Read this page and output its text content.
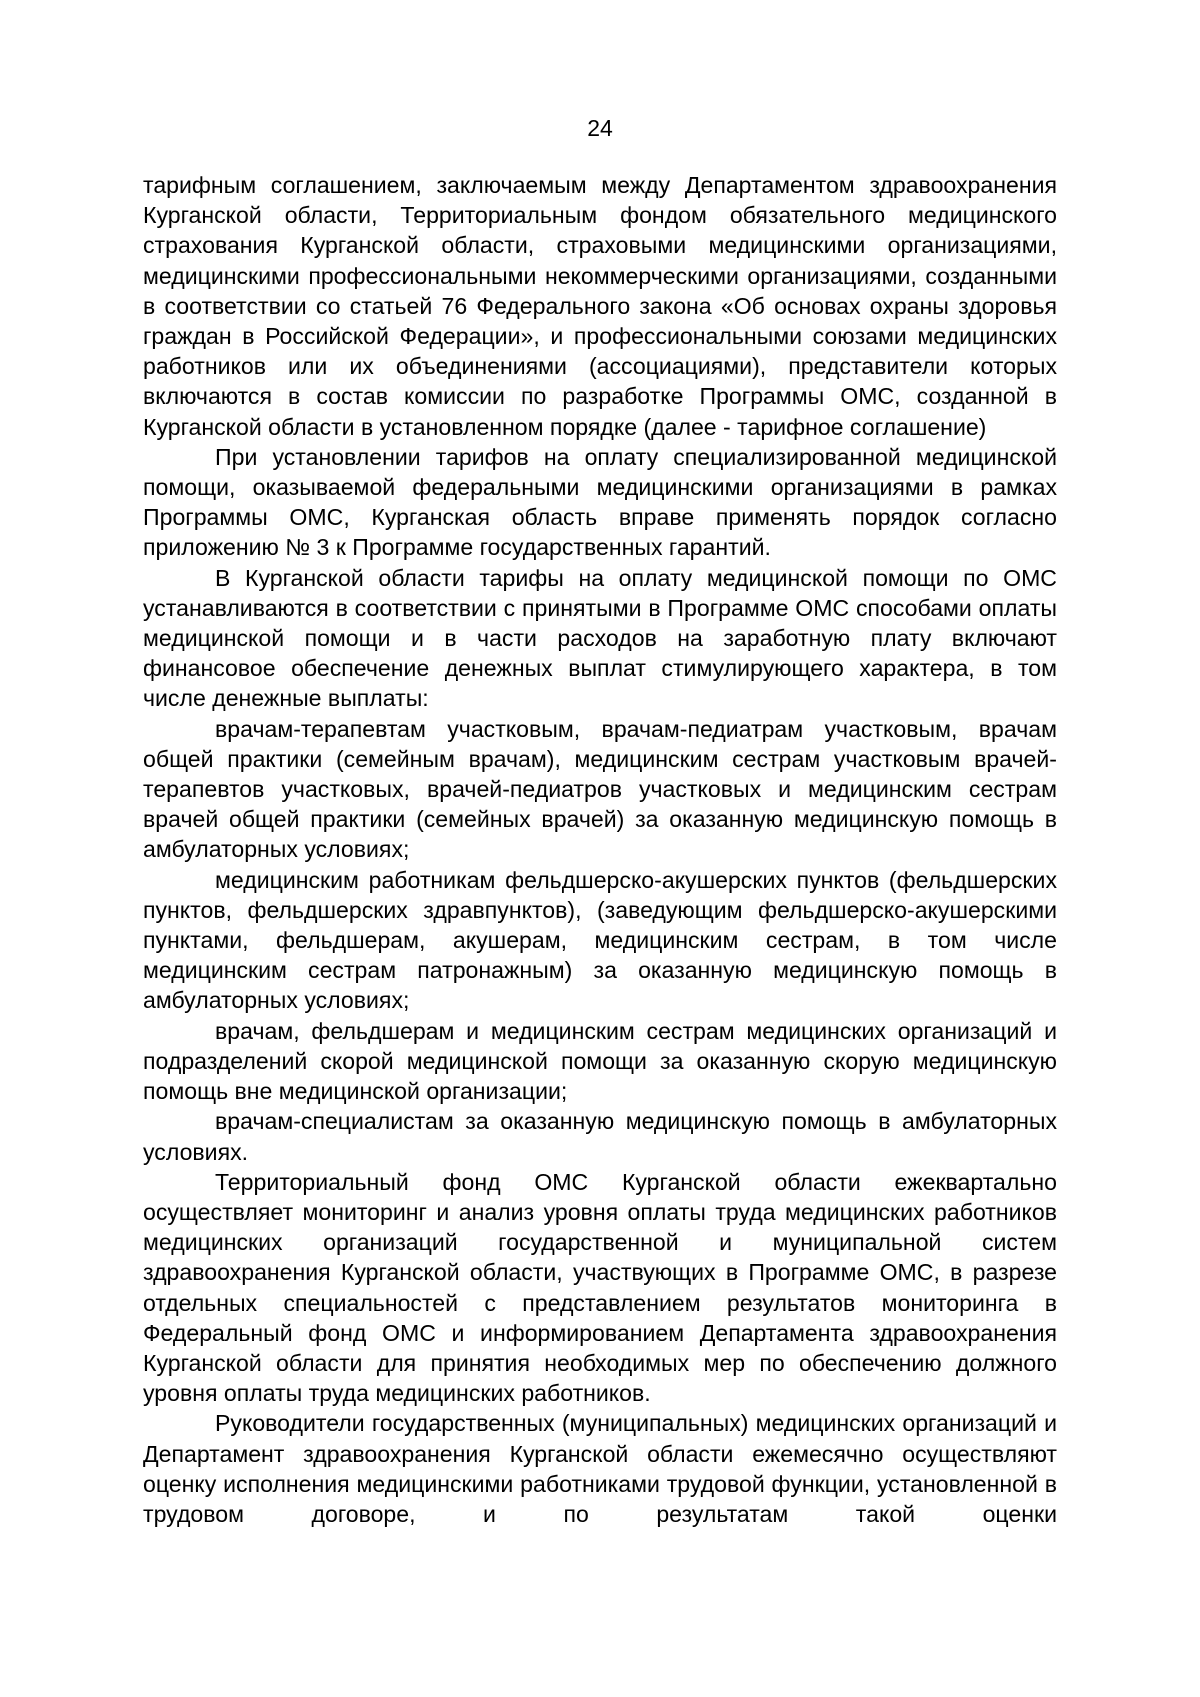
24

тарифным соглашением, заключаемым между Департаментом здравоохранения Курганской области, Территориальным фондом обязательного медицинского страхования Курганской области, страховыми медицинскими организациями, медицинскими профессиональными некоммерческими организациями, созданными в соответствии со статьей 76 Федерального закона «Об основах охраны здоровья граждан в Российской Федерации», и профессиональными союзами медицинских работников или их объединениями (ассоциациями), представители которых включаются в состав комиссии по разработке Программы ОМС, созданной в Курганской области в установленном порядке (далее - тарифное соглашение)

При установлении тарифов на оплату специализированной медицинской помощи, оказываемой федеральными медицинскими организациями в рамках Программы ОМС, Курганская область вправе применять порядок согласно приложению № 3 к Программе государственных гарантий.

В Курганской области тарифы на оплату медицинской помощи по ОМС устанавливаются в соответствии с принятыми в Программе ОМС способами оплаты медицинской помощи и в части расходов на заработную плату включают финансовое обеспечение денежных выплат стимулирующего характера, в том числе денежные выплаты:

врачам-терапевтам участковым, врачам-педиатрам участковым, врачам общей практики (семейным врачам), медицинским сестрам участковым врачей-терапевтов участковых, врачей-педиатров участковых и медицинским сестрам врачей общей практики (семейных врачей) за оказанную медицинскую помощь в амбулаторных условиях;

медицинским работникам фельдшерско-акушерских пунктов (фельдшерских пунктов, фельдшерских здравпунктов), (заведующим фельдшерско-акушерскими пунктами, фельдшерам, акушерам, медицинским сестрам, в том числе медицинским сестрам патронажным) за оказанную медицинскую помощь в амбулаторных условиях;

врачам, фельдшерам и медицинским сестрам медицинских организаций и подразделений скорой медицинской помощи за оказанную скорую медицинскую помощь вне медицинской организации;

врачам-специалистам за оказанную медицинскую помощь в амбулаторных условиях.

Территориальный фонд ОМС Курганской области ежеквартально осуществляет мониторинг и анализ уровня оплаты труда медицинских работников медицинских организаций государственной и муниципальной систем здравоохранения Курганской области, участвующих в Программе ОМС, в разрезе отдельных специальностей с представлением результатов мониторинга в Федеральный фонд ОМС и информированием Департамента здравоохранения Курганской области для принятия необходимых мер по обеспечению должного уровня оплаты труда медицинских работников.

Руководители государственных (муниципальных) медицинских организаций и Департамент здравоохранения Курганской области ежемесячно осуществляют оценку исполнения медицинскими работниками трудовой функции, установленной в трудовом договоре, и по результатам такой оценки
